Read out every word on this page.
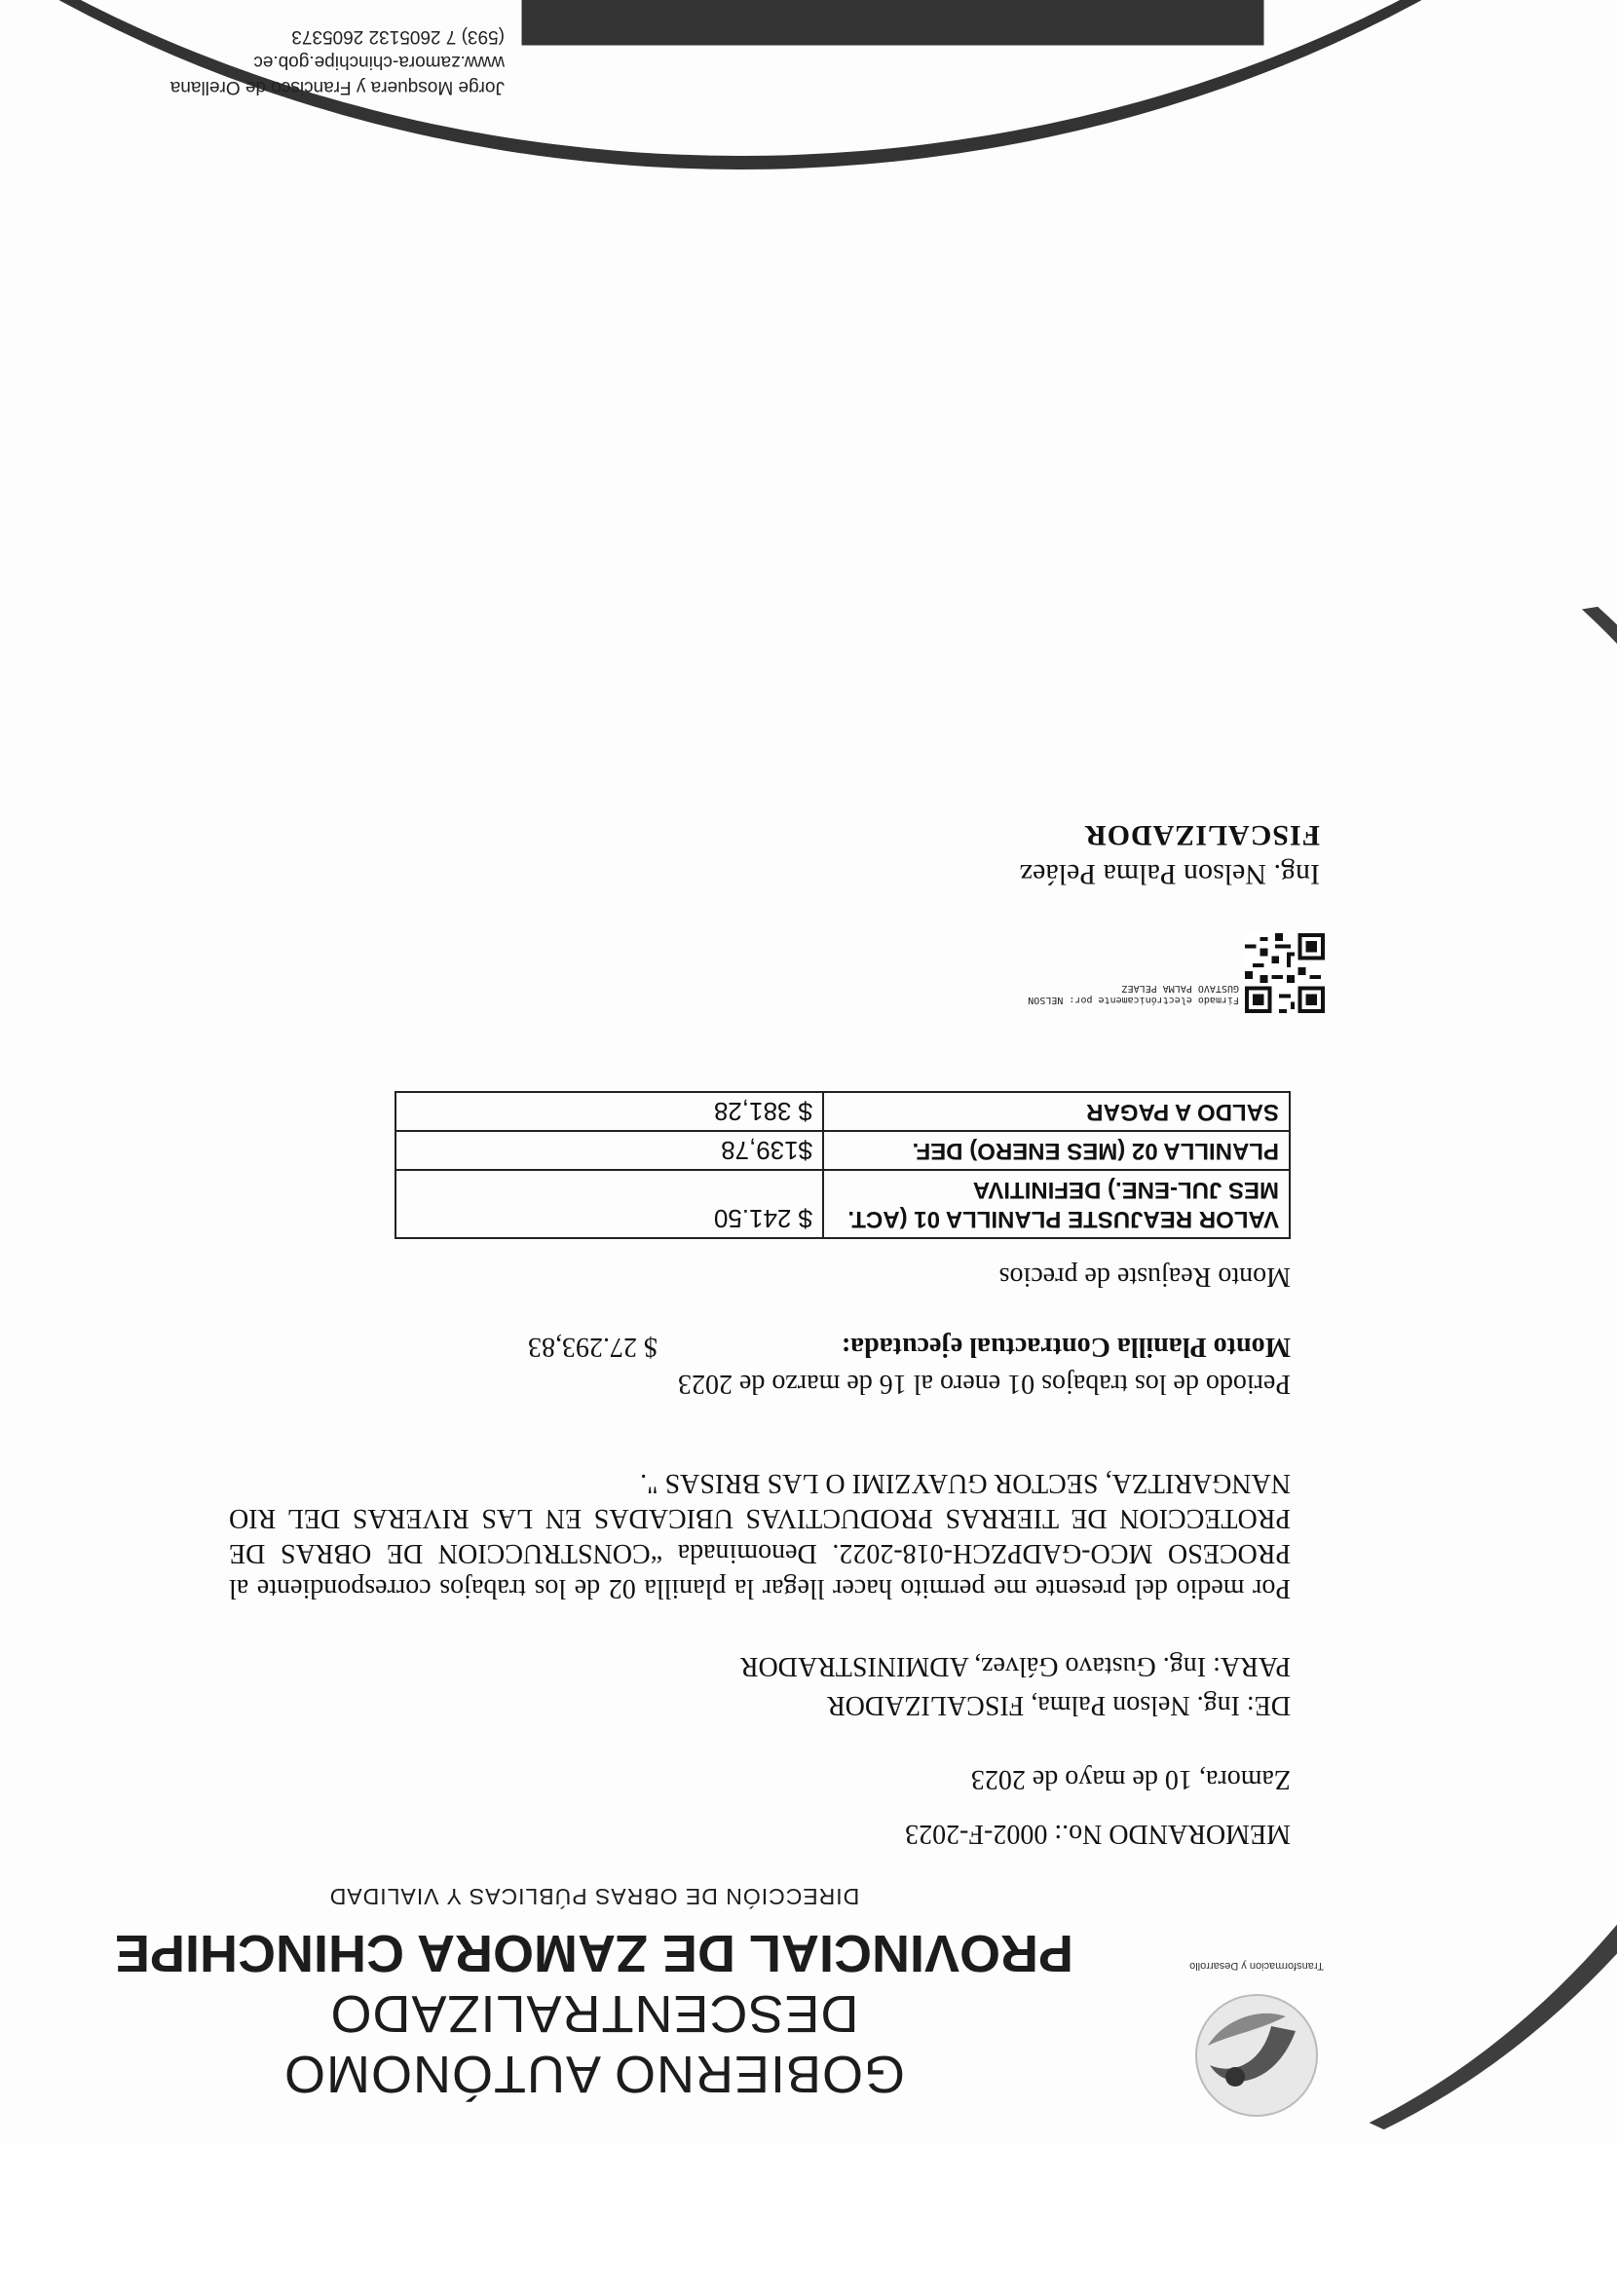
Transformacion y Desarrollo
GOBIERNO AUTÓNOMO DESCENTRALIZADO
PROVINCIAL DE ZAMORA CHINCHIPE
DIRECCIÓN DE OBRAS PÚBLICAS Y VIALIDAD
MEMORANDO No.: 0002-F-2023
Zamora, 10 de mayo de 2023
DE: Ing. Nelson Palma, FISCALIZADOR
PARA: Ing. Gustavo Gálvez, ADMINISTRADOR
Por medio del presente me permito hacer llegar la planilla 02 de los trabajos correspondiente al PROCESO MCO-GADPZCH-018-2022. Denominada “CONSTRUCCION DE OBRAS DE PROTECCION DE TIERRAS PRODUCTIVAS UBICADAS EN LAS RIVERAS DEL RIO NANGARITZA, SECTOR GUAYZIMI O LAS BRISAS ".
Periodo de los trabajos 01 enero al 16 de marzo de 2023
Monto Planilla Contractual ejecutada:
$ 27.293,83
Monto Reajuste de precios
VALOR REAJUSTE PLANILLA 01 (ACT. MES JUL-ENE.) DEFINITIVA	$ 241.50
PLANILLA 02 (MES ENERO) DEF.	$139,78
SALDO A PAGAR	$ 381,28
Firmado electrónicamente por: NELSON GUSTAVO PALMA PELAEZ
Ing. Nelson Palma Peláez
FISCALIZADOR
Jorge Mosquera y Francisco de Orellana
www.zamora-chinchipe.gob.ec
(593) 7 2605132 2605373
